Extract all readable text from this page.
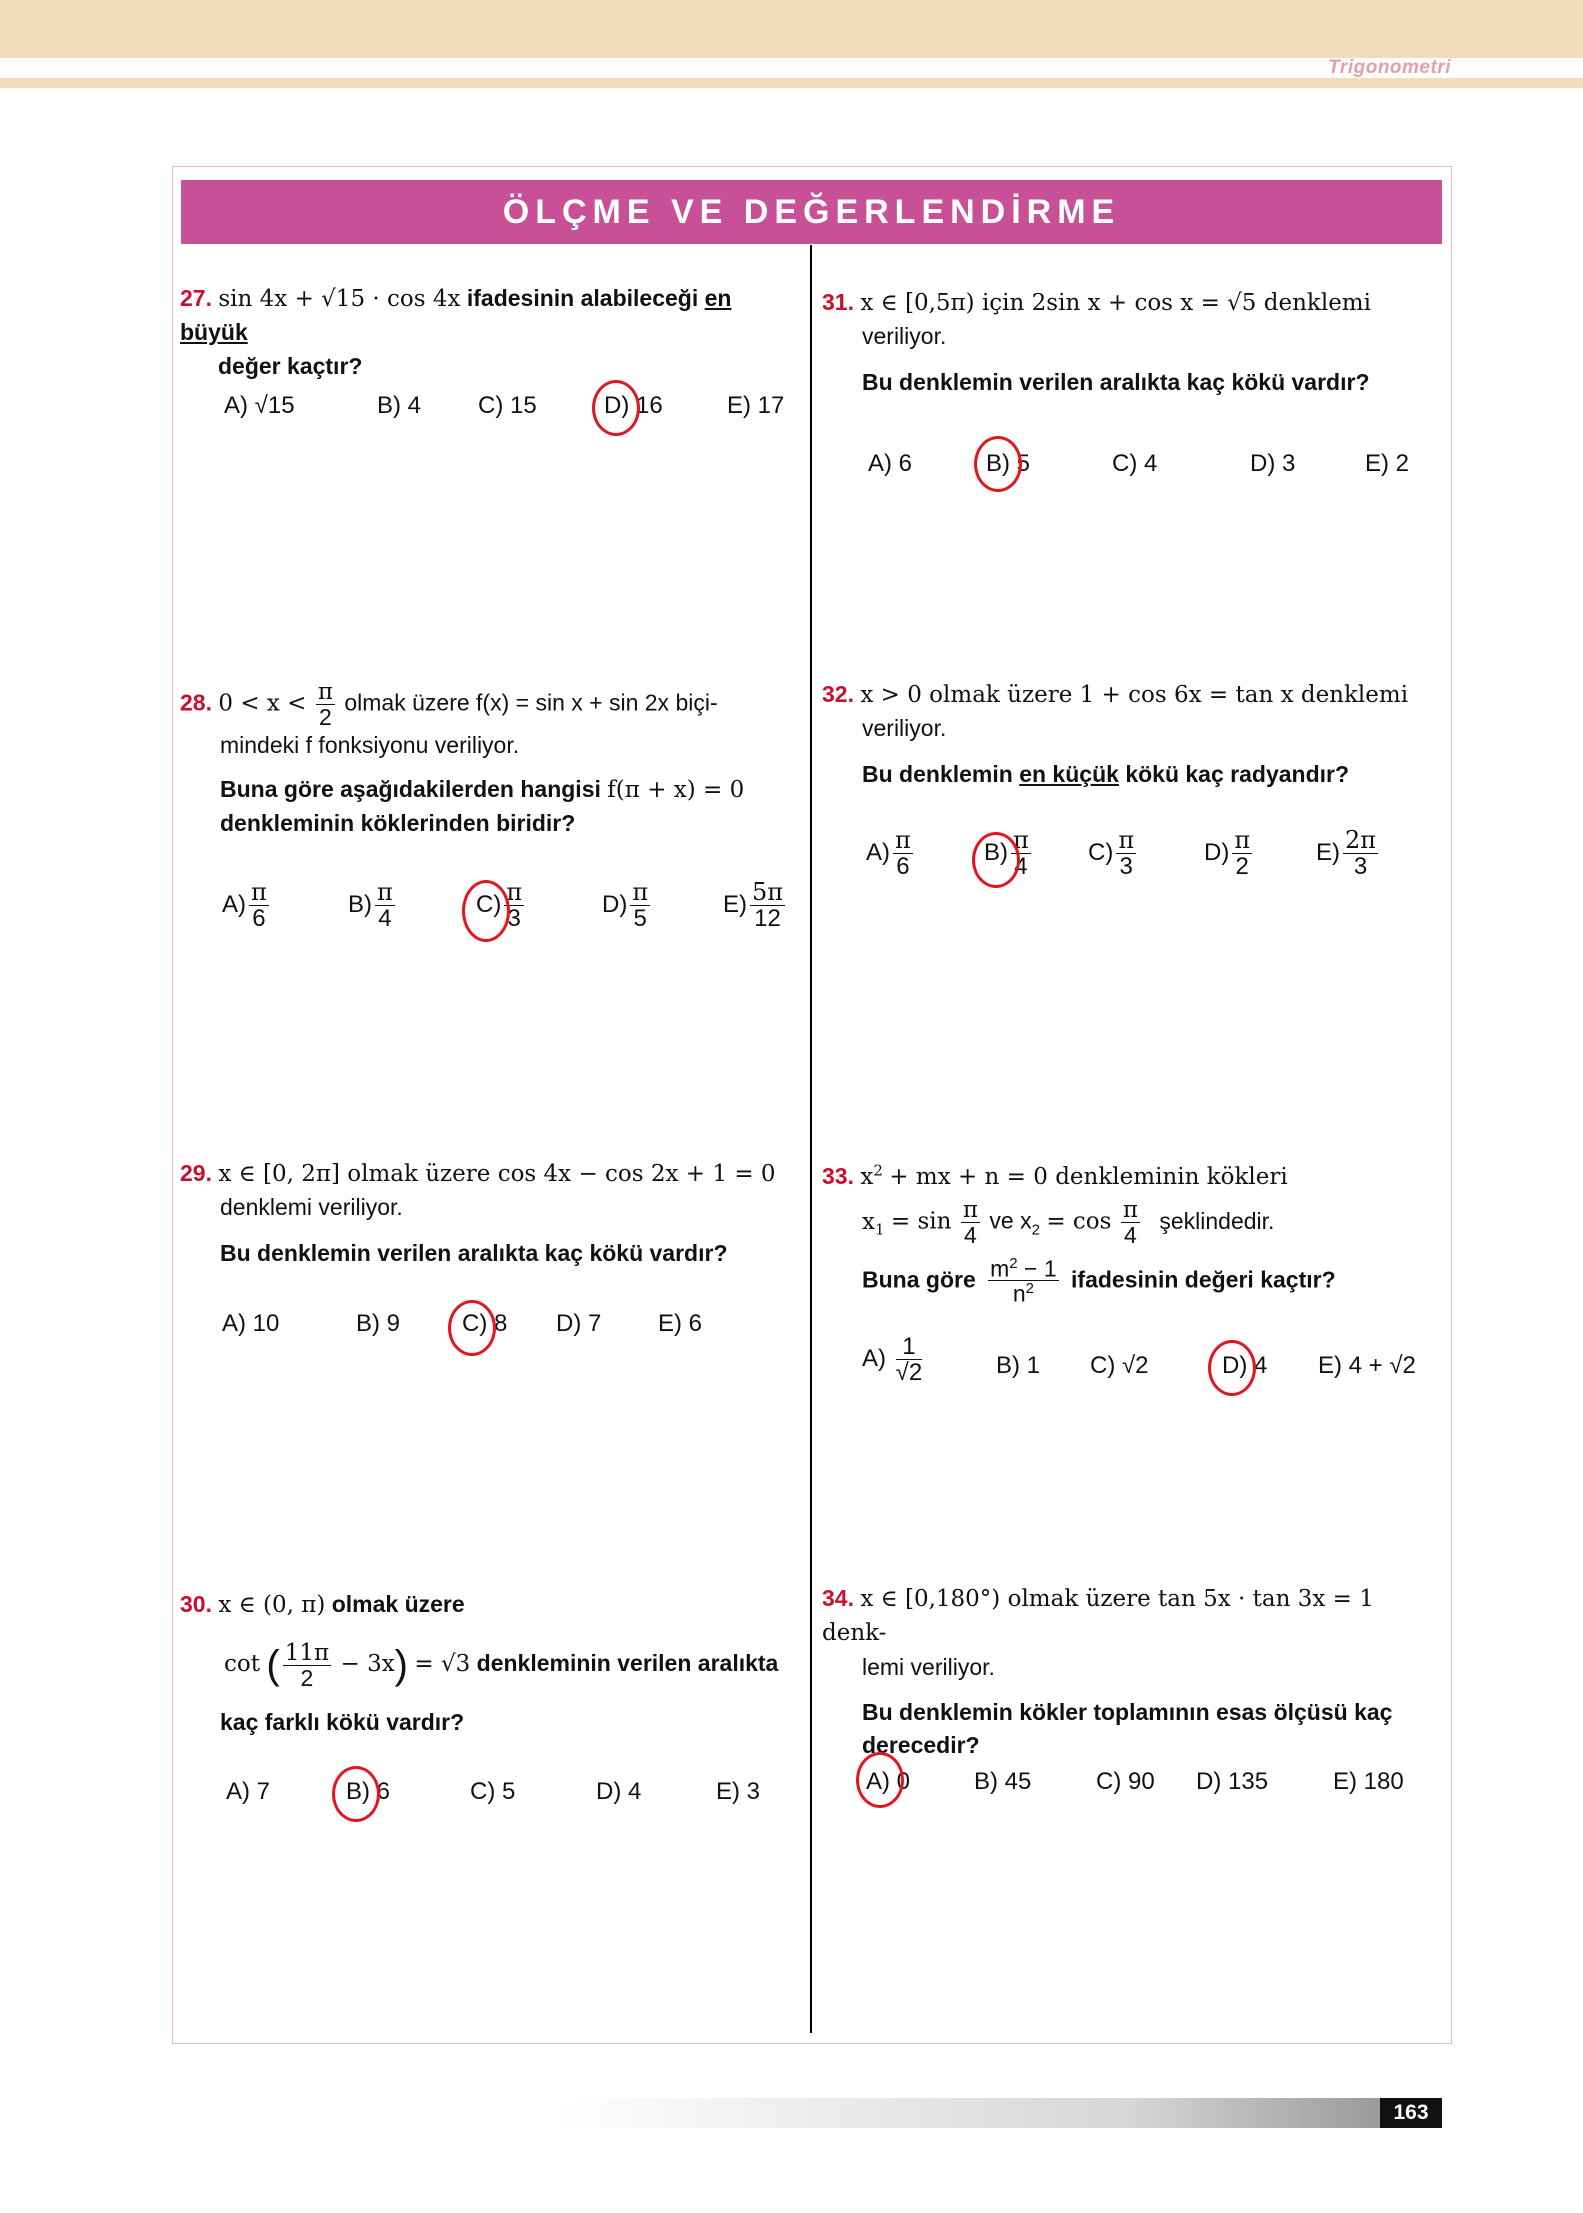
Trigonometri
ÖLÇME VE DEĞERLENDİRME
27. sin 4x + √15 · cos 4x ifadesinin alabileceği en büyük
değer kaçtır?
A) √15	B) 4 C) 15	D) 16	E) 17
31. x ∈ [0,5π) için 2sin x + cos x = √5 denklemi
veriliyor.

Bu denklemin verilen aralıkta kaç kökü vardır?
A) 6	B) 5	C) 4	D) 3	E) 2
28. $0 < x < \frac{\pi}{2}$ olmak üzere f(x) = sin x + sin 2x biçi-
mindeki f fonksiyonu veriliyor.
Buna göre aşağıdakilerden hangisi f(π + x) = 0
denkleminin köklerinden biridir?
$A) \frac{\pi}{6}$	$B) \frac{\pi}{4}$	$C) \frac{\pi}{3}$	$D) \frac{\pi}{5}$	$E) \frac{5\pi}{12}$
32. x > 0 olmak üzere 1 + cos 6x = tan x denklemi
veriliyor.
Bu denklemin en küçük kökü kaç radyandır?
$A) \frac{\pi}{6}$	$B) \frac{\pi}{4} C) \frac{\pi}{3}$	$D) \frac{\pi}{2}$	$E) \frac{2\pi}{3}$
29. x ∈ [0, 2π] olmak üzere cos 4x − cos 2x + 1 = 0
denklemi veriliyor.
Bu denklemin verilen aralıkta kaç kökü vardır?
A) 10	B) 9	C) 8 D) 7 E) 6
33. $x^2$ + mx + n = 0 denkleminin kökleri
$x_1 = \sin \frac{\pi}{4}$ ve $x_2 = \cos \frac{\pi}{4}$ şeklindedir.
Buna göre $\frac{m^2 - 1}{n^2}$ ifadesinin değeri kaçtır?
$A) \frac{1}{√2}$	B) 1 C) √2	D) 4 E) 4 + √2
30. x ∈ (0, π) olmak üzere
cot ( $\frac{11\pi}{2} - 3x) = √3$ denkleminin verilen aralıkta
kaç farklı kökü vardır?
A) 7	B) 6	C) 5	D) 4	E) 3
34. x ∈ [0,180°) olmak üzere tan 5x · tan 3x = 1 denk-
lemi veriliyor.
Bu denklemin kökler toplamının esas ölçüsü kaç
derecedir?
A) 0	B) 45	C) 90 D) 135	E) 180
163
